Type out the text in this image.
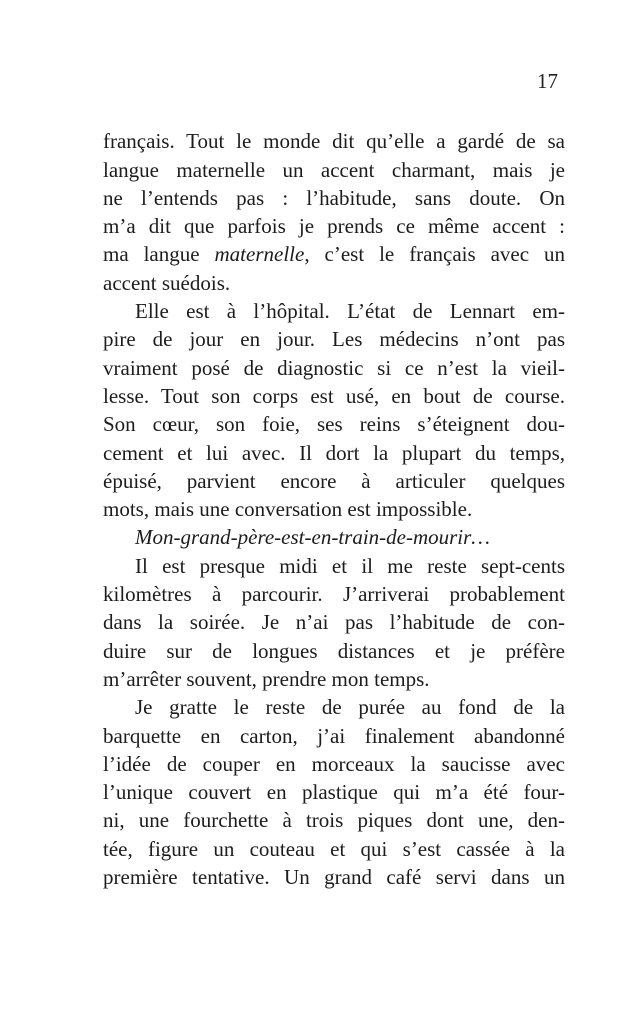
17
français. Tout le monde dit qu’elle a gardé de sa
langue maternelle un accent charmant, mais je
ne l’entends pas : l’habitude, sans doute. On
m’a dit que parfois je prends ce même accent :
ma langue maternelle, c’est le français avec un
accent suédois.
Elle est à l’hôpital. L’état de Lennart em-
pire de jour en jour. Les médecins n’ont pas
vraiment posé de diagnostic si ce n’est la vieil-
lesse. Tout son corps est usé, en bout de course.
Son cœur, son foie, ses reins s’éteignent dou-
cement et lui avec. Il dort la plupart du temps,
épuisé, parvient encore à articuler quelques
mots, mais une conversation est impossible.
Mon-grand-père-est-en-train-de-mourir…
Il est presque midi et il me reste sept-cents
kilomètres à parcourir. J’arriverai probablement
dans la soirée. Je n’ai pas l’habitude de con-
duire sur de longues distances et je préfère
m’arrêter souvent, prendre mon temps.
Je gratte le reste de purée au fond de la
barquette en carton, j’ai finalement abandonné
l’idée de couper en morceaux la saucisse avec
l’unique couvert en plastique qui m’a été four-
ni, une fourchette à trois piques dont une, den-
tée, figure un couteau et qui s’est cassée à la
première tentative. Un grand café servi dans un
